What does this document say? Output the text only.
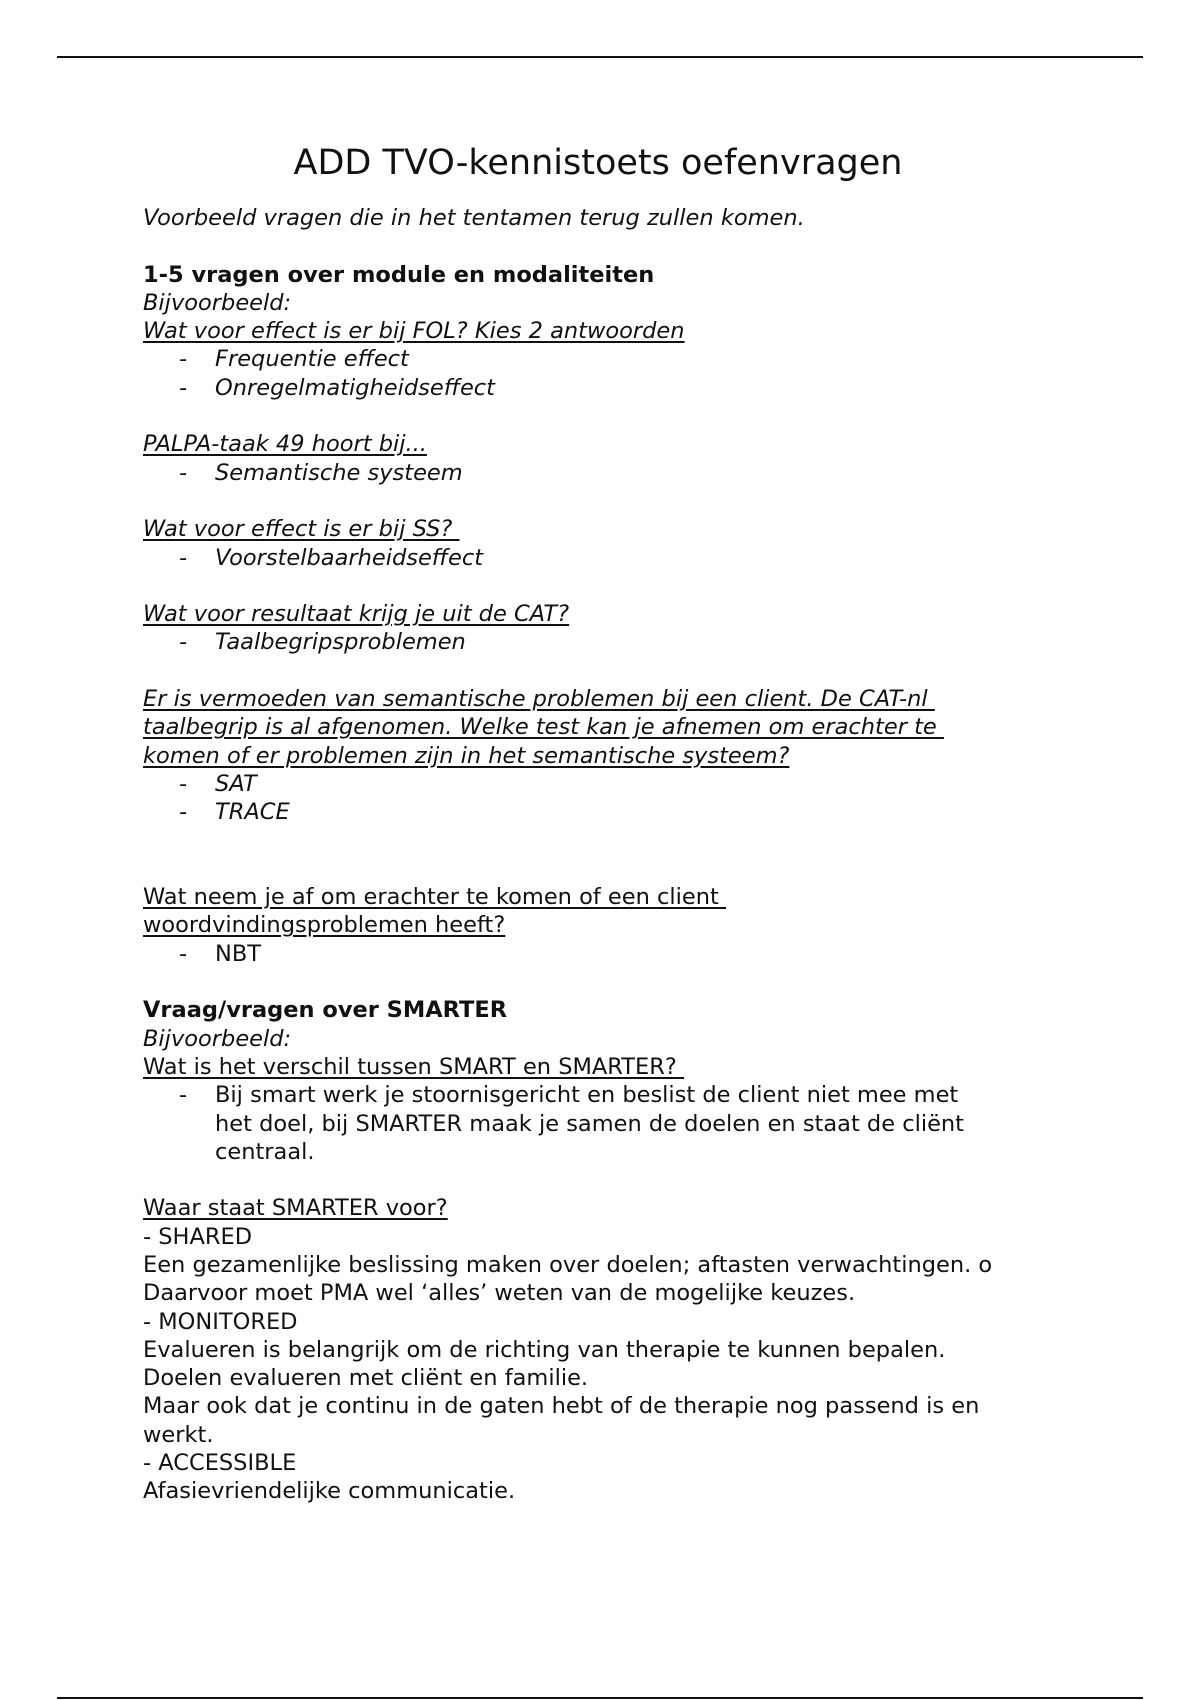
ADD TVO-kennistoets oefenvragen
Voorbeeld vragen die in het tentamen terug zullen komen.
1-5 vragen over module en modaliteiten
Bijvoorbeeld:
Wat voor effect is er bij FOL? Kies 2 antwoorden
-	Frequentie effect
-	Onregelmatigheidseffect
PALPA-taak 49 hoort bij...
-	Semantische systeem
Wat voor effect is er bij SS?
-	Voorstelbaarheidseffect
Wat voor resultaat krijg je uit de CAT?
-	Taalbegripsproblemen
Er is vermoeden van semantische problemen bij een client. De CAT-nl
taalbegrip is al afgenomen. Welke test kan je afnemen om erachter te
komen of er problemen zijn in het semantische systeem?
-	SAT
-	TRACE
Wat neem je af om erachter te komen of een client
woordvindingsproblemen heeft?
-	NBT
Vraag/vragen over SMARTER
Bijvoorbeeld:
Wat is het verschil tussen SMART en SMARTER?
-	Bij smart werk je stoornisgericht en beslist de client niet mee met
het doel, bij SMARTER maak je samen de doelen en staat de cliënt
centraal.
Waar staat SMARTER voor?
- SHARED
Een gezamenlijke beslissing maken over doelen; aftasten verwachtingen. o
Daarvoor moet PMA wel ‘alles’ weten van de mogelijke keuzes.
- MONITORED
Evalueren is belangrijk om de richting van therapie te kunnen bepalen.
Doelen evalueren met cliënt en familie.
Maar ook dat je continu in de gaten hebt of de therapie nog passend is en
werkt.
- ACCESSIBLE
Afasievriendelijke communicatie.
